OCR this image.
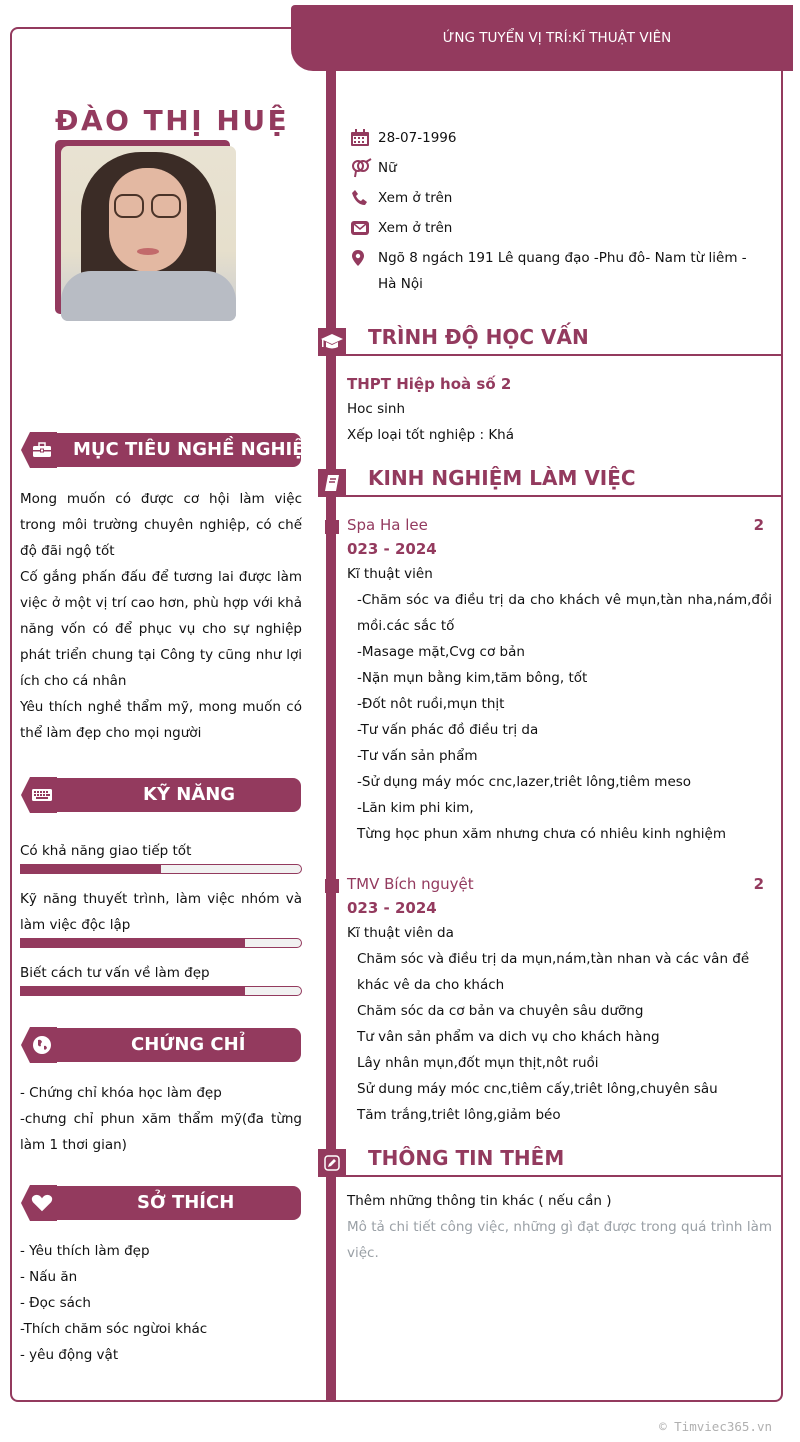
ỨNG TUYỂN VỊ TRÍ:KĨ THUẬT VIÊN
ĐÀO THỊ HUỆ
28-07-1996
Nữ
Xem ở trên
Xem ở trên
Ngõ 8 ngách 191 Lê quang đạo -Phu đô- Nam từ liêm -Hà Nội
TRÌNH ĐỘ HỌC VẤN
THPT Hiệp hoà số 2
Hoc sinh
Xếp loại tốt nghiệp : Khá
KINH NGHIỆM LÀM VIỆC
Spa Ha lee	2
023 - 2024
Kĩ thuật viên
-Chăm sóc va điều trị da cho khách vê mụn,tàn nha,nám,đồi mồi.các sắc tố
-Masage mặt,Cvg cơ bản
-Nặn mụn bằng kim,tăm bông, tốt
-Đốt nôt ruồi,mụn thịt
-Tư vấn phác đồ điều trị da
-Tư vấn sản phẩm
-Sử dụng máy móc cnc,lazer,triêt lông,tiêm meso
-Lăn kim phi kim,
Từng học phun xăm nhưng chưa có nhiêu kinh nghiệm
TMV Bích nguyệt	2
023 - 2024
Kĩ thuật viên da
Chăm sóc và điều trị da mụn,nám,tàn nhan và các vân đề khác vê da cho khách
Chăm sóc da cơ bản va chuyên sâu dưỡng
Tư vân sản phẩm va dich vụ cho khách hàng
Lây nhân mụn,đốt mụn thịt,nôt ruồi
Sử dung máy móc cnc,tiêm cấy,triêt lông,chuyên sâu
Tăm trắng,triêt lông,giảm béo
THÔNG TIN THÊM
Thêm những thông tin khác ( nếu cần )
Mô tả chi tiết công việc, những gì đạt được trong quá trình làm việc.
MỤC TIÊU NGHỀ NGHIỆP
Mong muốn có được cơ hội làm việc trong môi trường chuyên nghiệp, có chế độ đãi ngộ tốt
Cố gắng phấn đấu để tương lai được làm việc ở một vị trí cao hơn, phù hợp với khả năng vốn có để phục vụ cho sự nghiệp phát triển chung tại Công ty cũng như lợi ích cho cá nhân
Yêu thích nghề thẩm mỹ, mong muốn có thể làm đẹp cho mọi người
KỸ NĂNG
Có khả năng giao tiếp tốt
Kỹ năng thuyết trình, làm việc nhóm và làm việc độc lập
Biết cách tư vấn về làm đẹp
CHỨNG CHỈ
- Chứng chỉ khóa học làm đẹp
-chưng chỉ phun xăm thẩm mỹ(đa từng làm 1 thơi gian)
SỞ THÍCH
- Yêu thích làm đẹp
- Nấu ăn
- Đọc sách
-Thích chăm sóc ngừoi khác
- yêu động vật
© Timviec365.vn
